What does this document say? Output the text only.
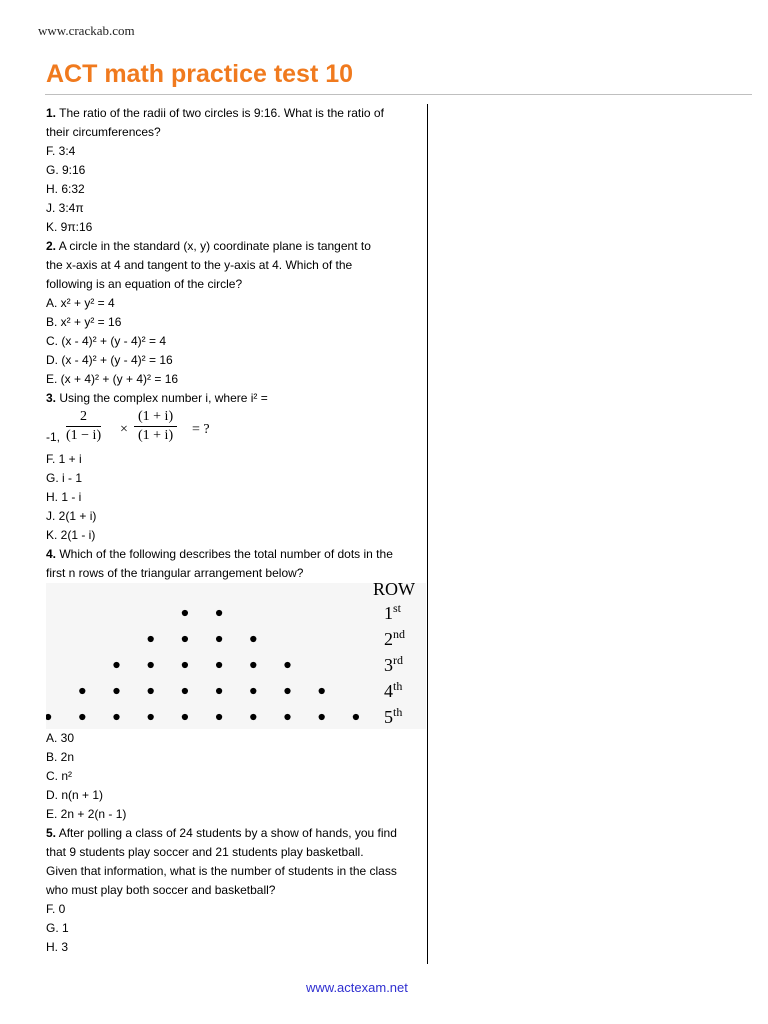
www.crackab.com
ACT math practice test 10
1. The ratio of the radii of two circles is 9:16. What is the ratio of
their circumferences?
F. 3:4
G. 9:16
H. 6:32
J. 3:4π
K. 9π:16
2. A circle in the standard (x, y) coordinate plane is tangent to
the x-axis at 4 and tangent to the y-axis at 4. Which of the
following is an equation of the circle?
A. x² + y² = 4
B. x² + y² = 16
C. (x - 4)² + (y - 4)² = 4
D. (x - 4)² + (y - 4)² = 16
E. (x + 4)² + (y + 4)² = 16
3. Using the complex number i, where i² =
-1, $\frac{2}{(1 - i)} \times \frac{(1 + i)}{(1 + i)}$ = ?
F. 1 + i
G. i - 1
H. 1 - i
J. 2(1 + i)
K. 2(1 - i)
4. Which of the following describes the total number of dots in the
first n rows of the triangular arrangement below?
ROW
1st
2nd
3rd
4th
5th
A. 30
B. 2n
C. n²
D. n(n + 1)
E. 2n + 2(n - 1)
5. After polling a class of 24 students by a show of hands, you find
that 9 students play soccer and 21 students play basketball.
Given that information, what is the number of students in the class
who must play both soccer and basketball?
F. 0
G. 1
H. 3
www.actexam.net
